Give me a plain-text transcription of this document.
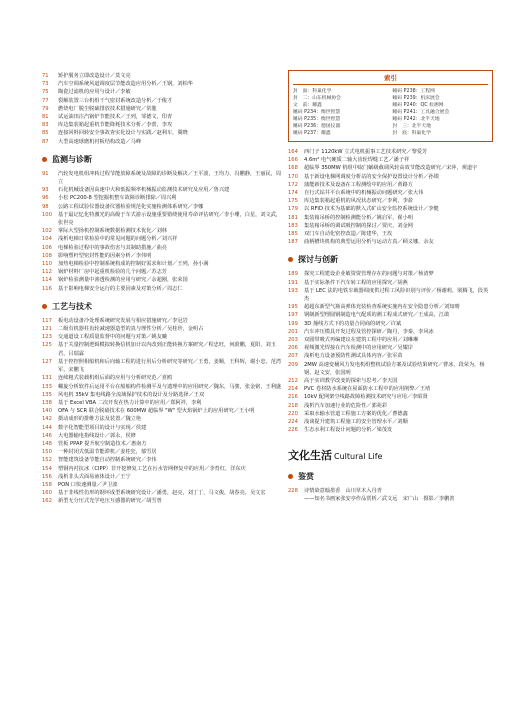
71	矫护服务立即改造设计／莫文亮
73	汽车空调系统风道调度层节能改造应用分析／王钢，刘柏华
75	陶瓷过滤机的应用与设计／李敏
77	裂解装置三台机组干气密封系统改造分析／于俊才
79	燃烧电厂脱尘脱硫排放技术措施研究／常龍
81	试运油田注汽锅炉节能技术／王列，邹德文，印青
83	库边集装箱起重机节能降耗技术分析／李蕾，李攻
85	连接回料回转安全事故查实化设计与实践／赵利车，冀晓
87	大型高速球磨机衬板结构改造／马峰
监测与诊断
91	汽轮发电机组冲转过程节能放障系统及故障的诊断及解决／王平波，王均力，冯鹏静，王丽民，周立
93	石化机械设备因高速中大和低振频率机械振动监测技术研究及应用／鲁兴建
96	小松 PC200-8 型挖掘机整车故障诊断排除／周兴利
98	公路工程试验仪器设备仪器检验规范化实施检测体系研究／李娜
100	基于最记忆化特激光的高级于车式游示设施重要错绕使用寿命评估研究／李小珊，白星，刘文武，张世亮
102	掌际大型扬机控制系统数据检测技术优化／刘林
104	浅析电梯日常检验中的常见问题的问题分析／刘兴祥
106	电梯检验过程中的事故伤害与其制助措施／曲亮
108	影响塑杆型密封性能的因素分析／李伟明
110	加热电梯检验中控制系统构成的控制好需求和计划／王列，孙小满
112	锅炉材料厂房中起重机检验的几个问题／苏志芳
114	锅炉检验测量中渗透检测的应用与研究／余超刚，张荣国
116	基于影响电梯安全运行的主要因素及对策分析／周志仁
工艺与技术
117	板电动设备冷处理系统研究发展与相应措施研究／李冠岩
121	二级有机器柱齿轮减速器造型的真与理性分析／吴桂珍，金明占
123	交通道设工程质量监督中的问题与对策／姚友曦
125	基于关量控制逻辑模拟转换信机加计以内改到正能转换方案研究／程忠旺，何蔚鹏，夏阳，刘玉君，吕瑞霖
127	基于控控照相船机和后向轴工程的进行用后分析研究等研究／王勇，姜顺，王科辉，谢小忠，范湾军，宋鹏飞
131	连续粗式装载机组后面的应用与分析研究范／喜鸥
133	螺旋分析软件后运用平台在船舶构件检测平及与遗理中的应用研究／魏东，马骏，张金铭，王利盛
135	风电机 35kV 集电线路全流域保护技术的设计及分路选择／王双
138	基于 Excel VBA 二次开发在热力计算中的应用／郑阿祥，李利
140	OFA 与 SCR 联合脱硝技术在 600MW 超临界 "W" 型火焰锅炉上的应用研究／王小明
142	摄动成形的排维方法及装置／魏立艳
144	数字化智能型项目的设计与实现／侯建
146	大电器输电指线设计／郭永，侯修
148	管板 PPAP 提升航空制造技术／惠南方
150	一种封闭式低温节能滞机／姜桂狂，郁雪居
152	智能建筑设备节能自动控制系统研究／李伟
154	塑钢内衬抗冰（CIPP）非开挖修复工艺在污水管网修复中的应用／李育红，洋东庆
156	浅析非头式面易液体设计／王宁
158	PON 口快速测量／尹卫波
160	基于非线性仿形的钢坏成型系统研究设计／潘勇，赵亮，刘丁丁，马文俊，胡春亮，吴文宏
162	新型无分压式光学电压互感器的研究／胡雪曾
索引
封　面：科巢化学	睡码 P238：工程网
封　二：山东机械协会	睡码 P239：机床展会
文　前：耀鑫	睡码 P240：QC 检测网
睡码 P234：衡世智慧	睡码 P241：工具融合展会
睡码 P235：衡世智慧	睡码 P242：北半天地
睡码 P236：德国仪器	封　三：北半天地
睡码 P237：耀鑫	封　底：科巢化学
164	西门子 1120kW 立式电机振事工艺技术研究／黎爱芳
166	4.6m² 电气硬质二轴大齿轮焊缝工艺／潘子祥
168	超临界 350MW 机组中取门蜗级截调风轮高效节能改造研究／宋萍，观道宇
170	基于新设电梯网调度分析站的安全保护设置设计分析／孙镆
172	蒲能新技术及设备在工程测绘中的应用／黄路方
174	自行式钻井平台系统中的机械振动问题研究／张大伟
175	库边集装箱起重机的风况状态研究／李利，李盈
179	以 RFID 技术为基础的默入式矿山安全监控系统设计／李健
181	集装箱吊桥的控制检测能分析／姚启军，翟小明
183	集装箱吊桥的调试吸控制的探讨／贾庆，刘金网
185	双门车自动化密控改造／陈建华，王玫
187	曲柄槽块机构的典型运用分析与运动方真／顾义娜，余友
探讨与创新
189	探究工程建设企业敏资资管理存在的问题与对策／杨清梦
191	基于实际条件下汽车转工程的应用探究／胡燕
193	基于 LEC 法的电铁车载器调度供过程工风险识别与评价／杨谢莉，梁腾飞，段英杰
195	超超东新型气瓶高弹体充装检查系统实施内在安全隐患分析／刘知晴
197	钢制新型理圆钢制造电气配项的测工程成式研究／王成高，江敢
199	3D 撞线方式下的功量合同商的研究／许斌
201	汽车冲压模具开发过程及管控探研／陶丹，李秦，李风冰
203	双圆带吸式再编建议在建筑工程中的应用／刘琳琳
206	视频激光焊接在汽车检测中的应用研究／吴耀岸
207	浅析电力设备预防性测试具体内容／张军苗
209	2MW 高速变桶风力发电机组整机试验方案及试验结果研究／曹冰，段荣为，杨钢，赵文安，张国明
212	高于实训教学改变的探索与思考／李天国
214	PVC 卷材防水系统在屋面防水工程中的应用削弊／王靖
216	10kV 配网架空线路故障检测技术研究与应用／李昭贤
218	浅析汽车加速行业的危险性／郭苑彩
220	采取水输水管道工程施工方案的优化／曹德鑫
224	浅谈提升建筑工程施工的安全管理水平／刘顺
226	生态水利工程设计问题的分析／梁茂发
文化生活 Cultural Life
鉴赏
228	诗情染意翰墨香　山川草木入丹青
——知名书画家张安亭作品赏析／武文远　宋广山　摄影／李鹏善
